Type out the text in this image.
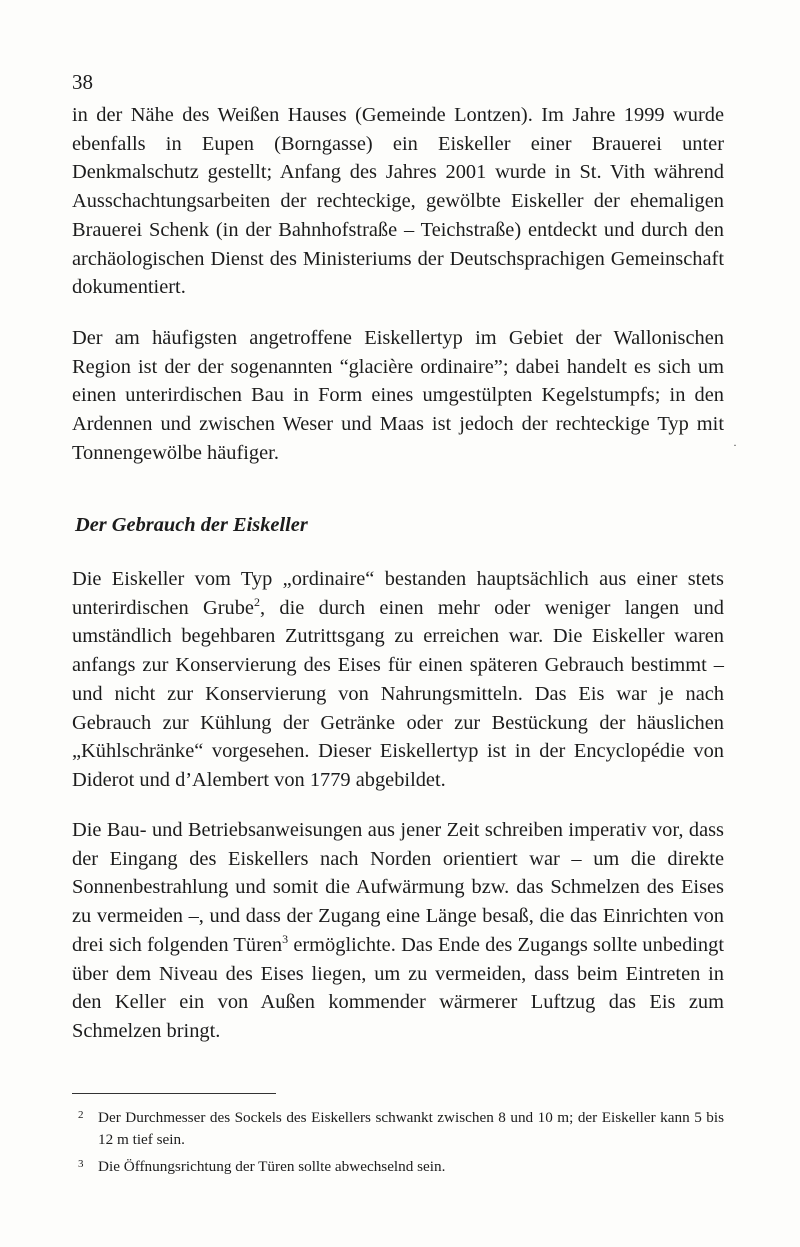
38

in der Nähe des Weißen Hauses (Gemeinde Lontzen). Im Jahre 1999 wurde ebenfalls in Eupen (Borngasse) ein Eiskeller einer Brauerei unter Denkmalschutz gestellt; Anfang des Jahres 2001 wurde in St. Vith während Ausschachtungsarbeiten der rechteckige, gewölbte Eiskeller der ehemaligen Brauerei Schenk (in der Bahnhofstraße – Teichstraße) entdeckt und durch den archäologischen Dienst des Ministeriums der Deutschsprachigen Gemeinschaft dokumentiert.

Der am häufigsten angetroffene Eiskellertyp im Gebiet der Wallonischen Region ist der der sogenannten “glacière ordinaire”; dabei handelt es sich um einen unterirdischen Bau in Form eines umgestülpten Kegelstumpfs; in den Ardennen und zwischen Weser und Maas ist jedoch der rechteckige Typ mit Tonnengewölbe häufiger.	·
Der Gebrauch der Eiskeller

Die Eiskeller vom Typ „ordinaire“ bestanden hauptsächlich aus einer stets unterirdischen Grube$^2$, die durch einen mehr oder weniger langen und umständlich begehbaren Zutrittsgang zu erreichen war. Die Eiskeller waren anfangs zur Konservierung des Eises für einen späteren Gebrauch bestimmt – und nicht zur Konservierung von Nahrungsmitteln. Das Eis war je nach Gebrauch zur Kühlung der Getränke oder zur Bestückung der häuslichen „Kühlschränke“ vorgesehen. Dieser Eiskellertyp ist in der Encyclopédie von Diderot und d’Alembert von 1779 abgebildet.

Die Bau- und Betriebsanweisungen aus jener Zeit schreiben imperativ vor, dass der Eingang des Eiskellers nach Norden orientiert war – um die direkte Sonnenbestrahlung und somit die Aufwärmung bzw. das Schmelzen des Eises zu vermeiden –, und dass der Zugang eine Länge besaß, die das Einrichten von drei sich folgenden Türen$^3$ ermöglichte. Das Ende des Zugangs sollte unbedingt über dem Niveau des Eises liegen, um zu vermeiden, dass beim Eintreten in den Keller ein von Außen kommender wärmerer Luftzug das Eis zum Schmelzen bringt.

2 Der Durchmesser des Sockels des Eiskellers schwankt zwischen 8 und 10 m; der Eiskeller kann 5 bis 12 m tief sein.
3 Die Öffnungsrichtung der Türen sollte abwechselnd sein.
